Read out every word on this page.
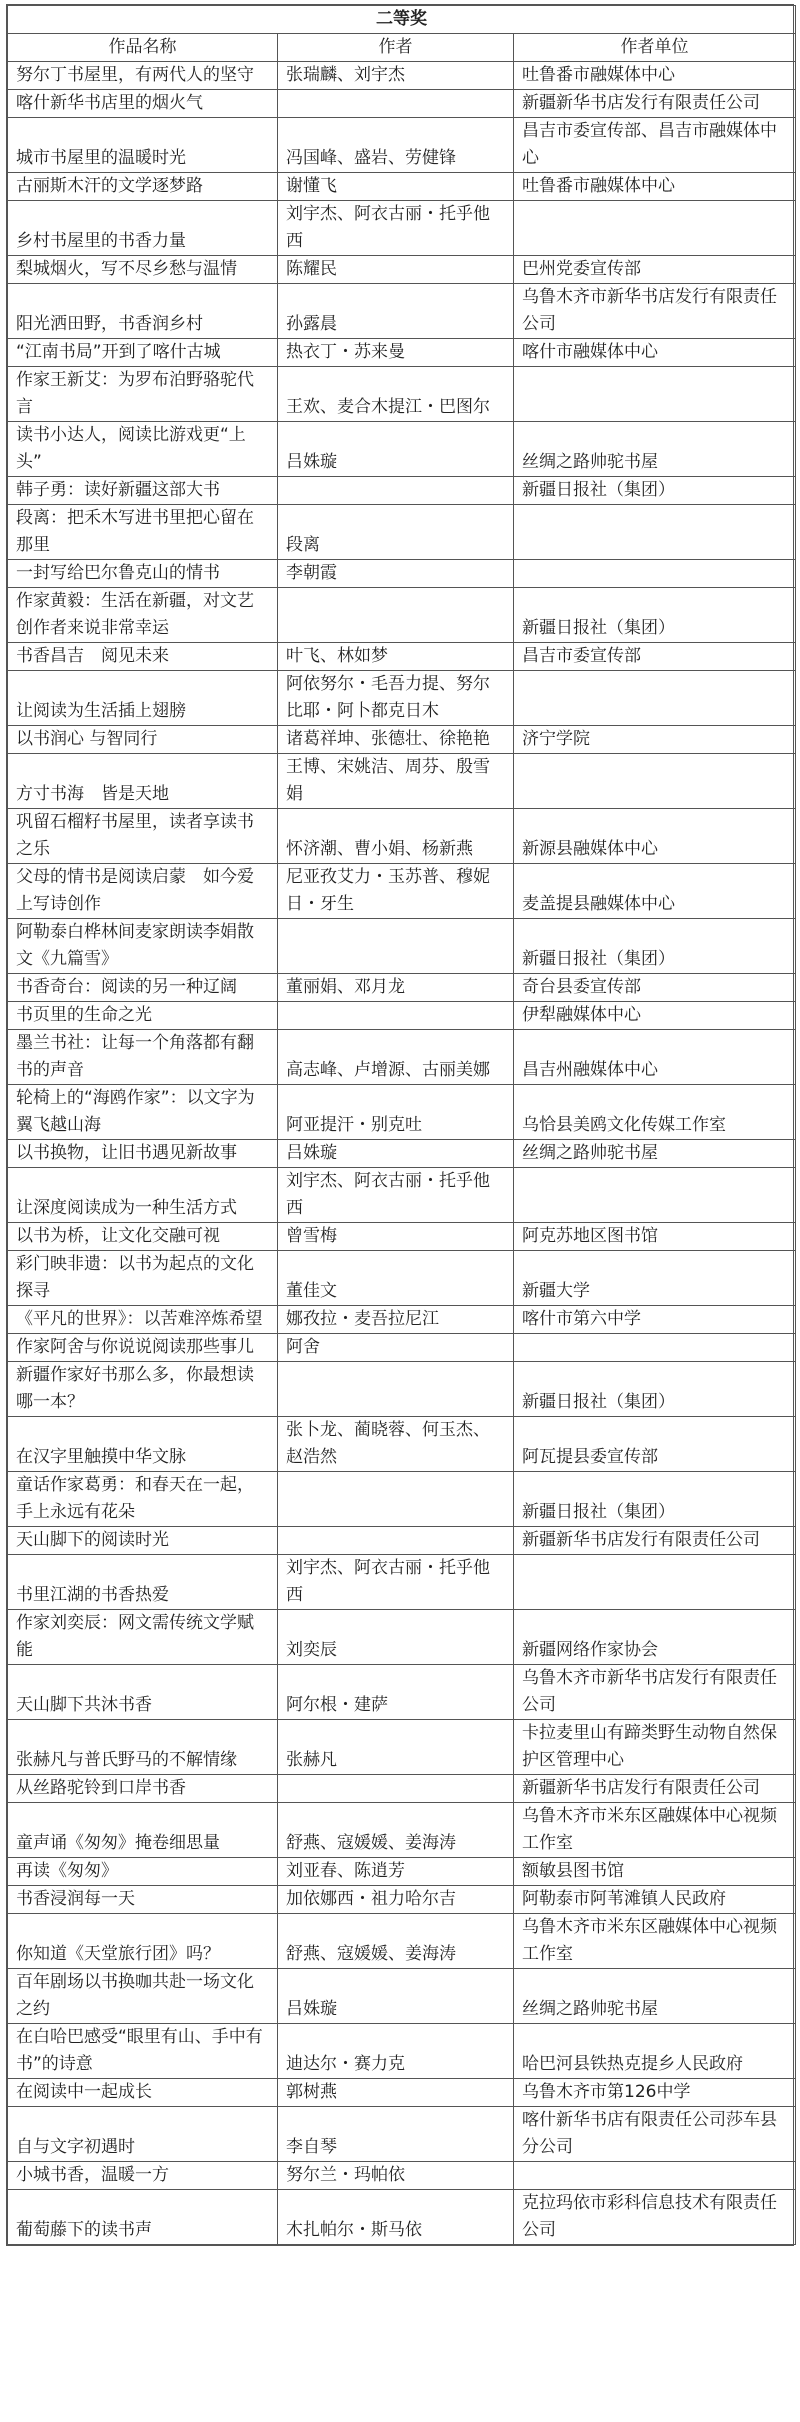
二等奖		
作品名称	作者	作者单位
努尔丁书屋里，有两代人的坚守	张瑞麟、刘宇杰	吐鲁番市融媒体中心
喀什新华书店里的烟火气		新疆新华书店发行有限责任公司
城市书屋里的温暖时光	冯国峰、盛岩、劳健锋	昌吉市委宣传部、昌吉市融媒体中心
古丽斯木汗的文学逐梦路	谢懂飞	吐鲁番市融媒体中心
乡村书屋里的书香力量	刘宇杰、阿衣古丽・托乎他西	
梨城烟火，写不尽乡愁与温情	陈耀民	巴州党委宣传部
阳光洒田野，书香润乡村	孙露晨	乌鲁木齐市新华书店发行有限责任公司
“江南书局”开到了喀什古城	热衣丁・苏来曼	喀什市融媒体中心
作家王新艾：为罗布泊野骆驼代言	王欢、麦合木提江・巴图尔	
读书小达人，阅读比游戏更“上头”	吕姝璇	丝绸之路帅驼书屋
韩子勇：读好新疆这部大书		新疆日报社（集团）
段离：把禾木写进书里把心留在那里	段离	
一封写给巴尔鲁克山的情书	李朝霞	
作家黄毅：生活在新疆，对文艺创作者来说非常幸运		新疆日报社（集团）
书香昌吉　阅见未来	叶飞、林如梦	昌吉市委宣传部
让阅读为生活插上翅膀	阿依努尔・毛吾力提、努尔比耶・阿卜都克日木	
以书润心 与智同行	诸葛祥坤、张德壮、徐艳艳	济宁学院
方寸书海　皆是天地	王博、宋姚洁、周芬、殷雪娟	
巩留石榴籽书屋里，读者享读书之乐	怀济潮、曹小娟、杨新燕	新源县融媒体中心
父母的情书是阅读启蒙　如今爱上写诗创作	尼亚孜艾力・玉苏普、穆妮日・牙生	麦盖提县融媒体中心
阿勒泰白桦林间麦家朗读李娟散文《九篇雪》		新疆日报社（集团）
书香奇台：阅读的另一种辽阔	董丽娟、邓月龙	奇台县委宣传部
书页里的生命之光		伊犁融媒体中心
墨兰书社：让每一个角落都有翻书的声音	高志峰、卢增源、古丽美娜	昌吉州融媒体中心
轮椅上的“海鸥作家”：以文字为翼飞越山海	阿亚提汗・别克吐	乌恰县美鸥文化传媒工作室
以书换物，让旧书遇见新故事	吕姝璇	丝绸之路帅驼书屋
让深度阅读成为一种生活方式	刘宇杰、阿衣古丽・托乎他西	
以书为桥，让文化交融可视	曾雪梅	阿克苏地区图书馆
彩门映非遗：以书为起点的文化探寻	董佳文	新疆大学
《平凡的世界》：以苦难淬炼希望	娜孜拉・麦吾拉尼江	喀什市第六中学
作家阿舍与你说说阅读那些事儿	阿舍	
新疆作家好书那么多，你最想读哪一本？		新疆日报社（集团）
在汉字里触摸中华文脉	张卜龙、蔺晓蓉、何玉杰、赵浩然	阿瓦提县委宣传部
童话作家葛勇：和春天在一起，手上永远有花朵		新疆日报社（集团）
天山脚下的阅读时光		新疆新华书店发行有限责任公司
书里江湖的书香热爱	刘宇杰、阿衣古丽・托乎他西	
作家刘奕辰：网文需传统文学赋能	刘奕辰	新疆网络作家协会
天山脚下共沐书香	阿尔根・建萨	乌鲁木齐市新华书店发行有限责任公司
张赫凡与普氏野马的不解情缘	张赫凡	卡拉麦里山有蹄类野生动物自然保护区管理中心
从丝路驼铃到口岸书香		新疆新华书店发行有限责任公司
童声诵《匆匆》掩卷细思量	舒燕、寇媛媛、姜海涛	乌鲁木齐市米东区融媒体中心视频工作室
再读《匆匆》	刘亚春、陈逍芳	额敏县图书馆
书香浸润每一天	加依娜西・祖力哈尔吉	阿勒泰市阿苇滩镇人民政府
你知道《天堂旅行团》吗？	舒燕、寇媛媛、姜海涛	乌鲁木齐市米东区融媒体中心视频工作室
百年剧场以书换咖共赴一场文化之约	吕姝璇	丝绸之路帅驼书屋
在白哈巴感受“眼里有山、手中有书”的诗意	迪达尔・赛力克	哈巴河县铁热克提乡人民政府
在阅读中一起成长	郭树燕	乌鲁木齐市第126中学
自与文字初遇时	李自琴	喀什新华书店有限责任公司莎车县分公司
小城书香，温暖一方	努尔兰・玛帕依	
葡萄藤下的读书声	木扎帕尔・斯马依	克拉玛依市彩科信息技术有限责任公司
